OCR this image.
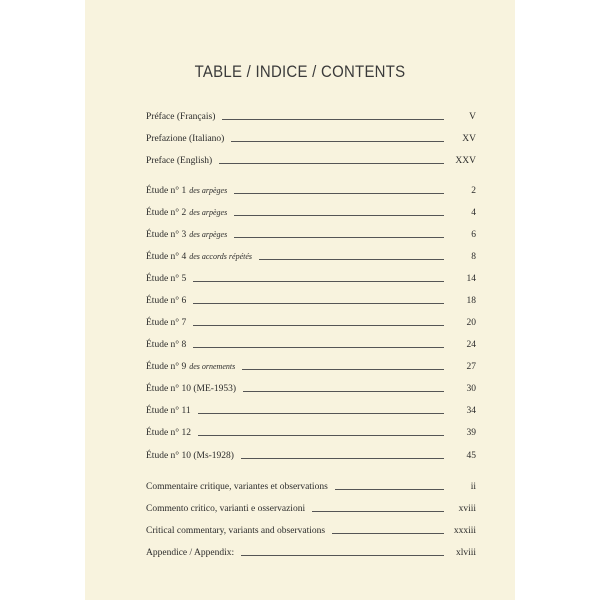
TABLE / INDICE / CONTENTS
Préface (Français)	V
Prefazione (Italiano)	XV
Preface (English)	XXV
Étude n° 1 des arpèges	2
Étude n° 2 des arpèges	4
Étude n° 3 des arpèges	6
Étude n° 4 des accords répétés	8
Étude n° 5	14
Étude n° 6	18
Étude n° 7	20
Étude n° 8	24
Étude n° 9 des ornements	27
Étude n° 10 (ME-1953)	30
Étude n° 11	34
Étude n° 12	39
Étude n° 10 (Ms-1928)	45
Commentaire critique, variantes et observations	ii
Commento critico, varianti e osservazioni	xviii
Critical commentary, variants and observations	xxxiii
Appendice / Appendix:	xlviii
